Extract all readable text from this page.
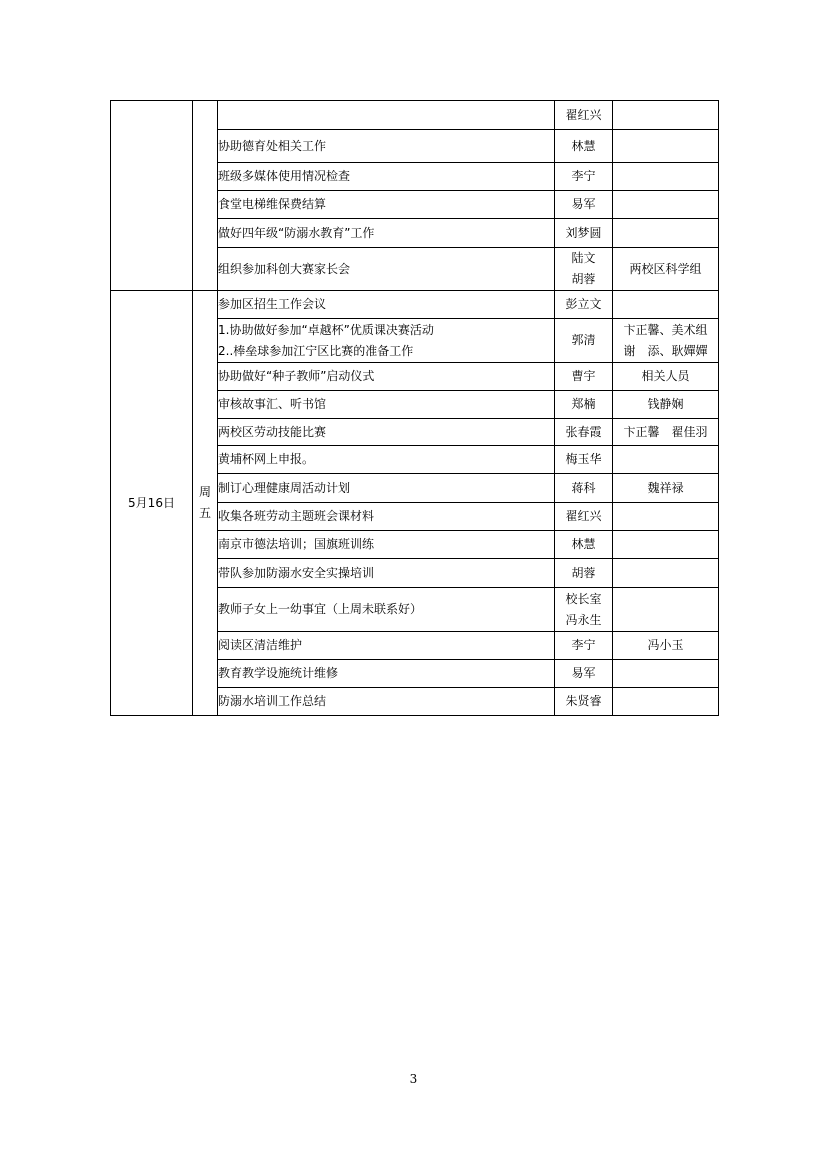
			翟红兴	

		协助德育处相关工作	林慧	

		班级多媒体使用情况检查	李宁	

		食堂电梯维保费结算	易军	

		做好四年级“防溺水教育”工作	刘梦圆	

		组织参加科创大赛家长会	陆文
胡蓉	两校区科学组

5月16日	周
五	参加区招生工作会议	彭立文	

		1.协助做好参加“卓越杯”优质课决赛活动
2..棒垒球参加江宁区比赛的准备工作	郭清	卞正馨、美术组
谢　添、耿嬋嬋

		协助做好“种子教师”启动仪式	曹宇	相关人员

		审核故事汇、听书馆	郑楠	钱静娴

		两校区劳动技能比赛	张春霞	卞正馨　翟佳羽

		黄埔杯网上申报。	梅玉华	

		制订心理健康周活动计划	蒋科	魏祥禄

		收集各班劳动主题班会课材料	翟红兴	

		南京市德法培训；国旗班训练	林慧	

		带队参加防溺水安全实操培训	胡蓉	

		教师子女上一幼事宜（上周未联系好）	校长室
冯永生	

		阅读区清洁维护	李宁	冯小玉

		教育教学设施统计维修	易军	

		防溺水培训工作总结	朱贤睿	

3
